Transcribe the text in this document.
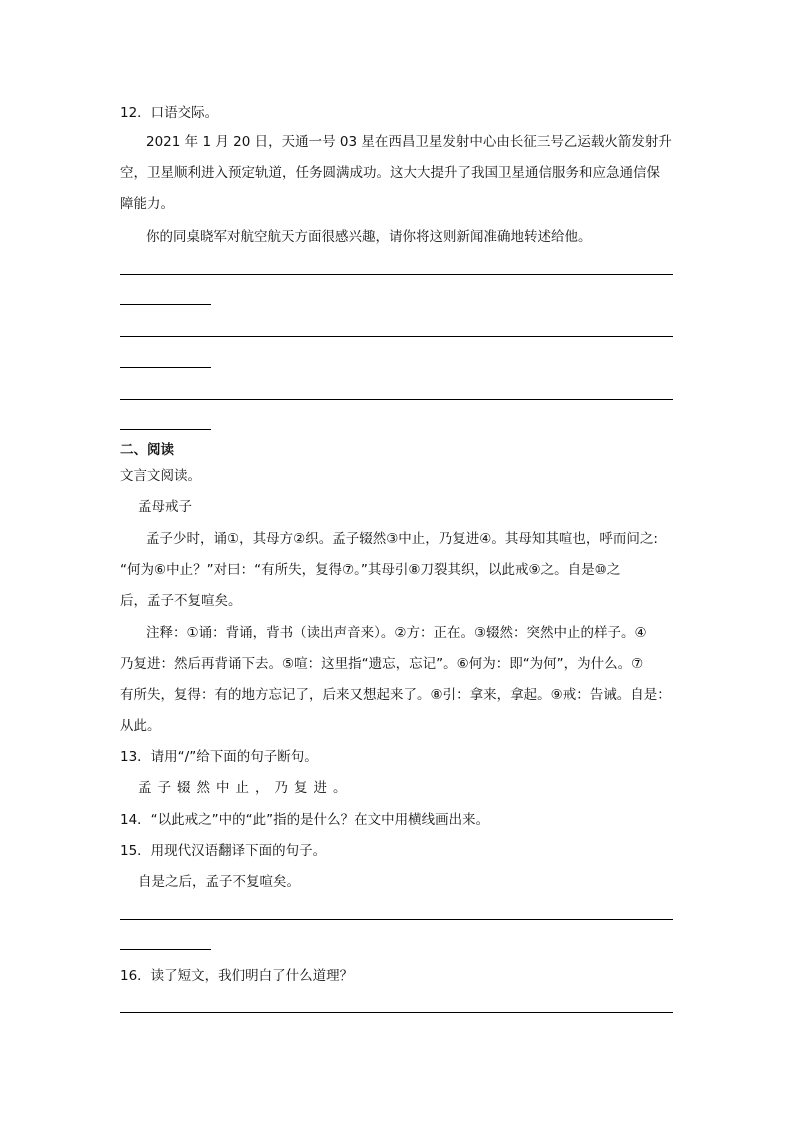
12．口语交际。
2021 年 1 月 20 日，天通一号 03 星在西昌卫星发射中心由长征三号乙运载火箭发射升
空，卫星顺利进入预定轨道，任务圆满成功。这大大提升了我国卫星通信服务和应急通信保
障能力。
你的同桌晓军对航空航天方面很感兴趣，请你将这则新闻准确地转述给他。
二、阅读
文言文阅读。
孟母戒子
孟子少时，诵①，其母方②织。孟子辍然③中止，乃复进④。其母知其喧也，呼而问之:
“何为⑥中止？”对曰：“有所失，复得⑦。”其母引⑧刀裂其织，以此戒⑨之。自是⑩之
后，孟子不复喧矣。
注释：①诵：背诵，背书（读出声音来）。②方：正在。③辍然：突然中止的样子。④
乃复进：然后再背诵下去。⑤喧：这里指“遗忘，忘记”。⑥何为：即“为何”，为什么。⑦
有所失，复得：有的地方忘记了，后来又想起来了。⑧引：拿来，拿起。⑨戒：告诫。自是：
从此。
13．请用“/”给下面的句子断句。
孟子辍然中止，乃复进。
14．“以此戒之”中的“此”指的是什么？在文中用横线画出来。
15．用现代汉语翻译下面的句子。
自是之后，孟子不复喧矣。
16．读了短文，我们明白了什么道理？
